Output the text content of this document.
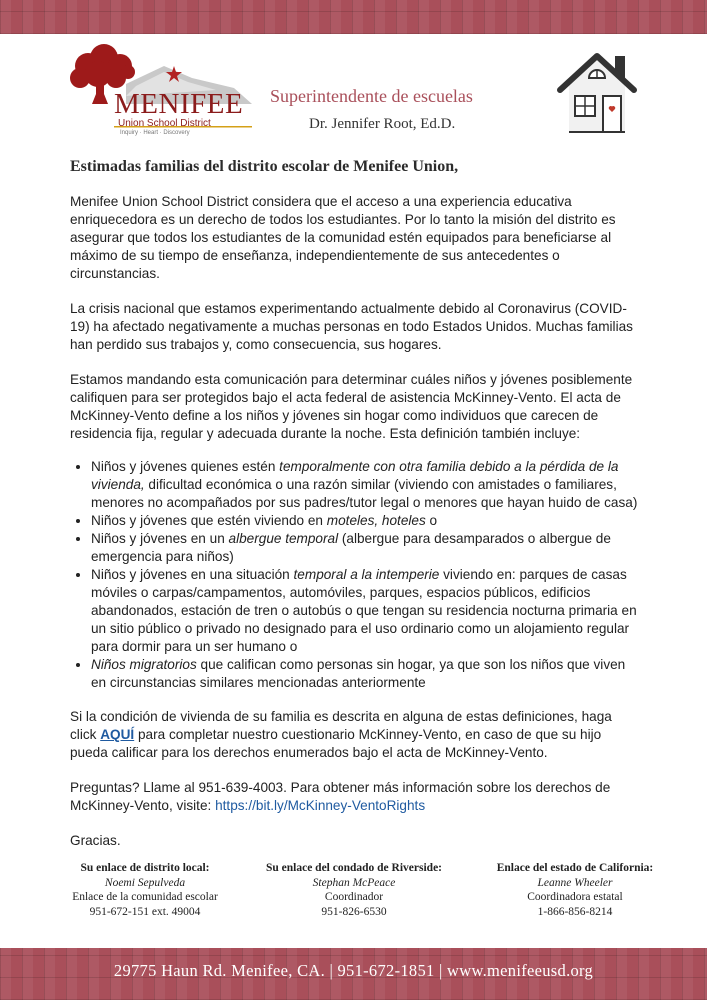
MENIFEE
Union School District
Inquiry · Heart · Discovery
Superintendente de escuelas
Dr. Jennifer Root, Ed.D.
Estimadas familias del distrito escolar de Menifee Union,

Menifee Union School District considera que el acceso a una experiencia educativa enriquecedora es un derecho de todos los estudiantes. Por lo tanto la misión del distrito es asegurar que todos los estudiantes de la comunidad estén equipados para beneficiarse al máximo de su tiempo de enseñanza, independientemente de sus antecedentes o circunstancias.

La crisis nacional que estamos experimentando actualmente debido al Coronavirus (COVID-19) ha afectado negativamente a muchas personas en todo Estados Unidos. Muchas familias han perdido sus trabajos y, como consecuencia, sus hogares.

Estamos mandando esta comunicación para determinar cuáles niños y jóvenes posiblemente califiquen para ser protegidos bajo el acta federal de asistencia McKinney-Vento. El acta de McKinney-Vento define a los niños y jóvenes sin hogar como individuos que carecen de residencia fija, regular y adecuada durante la noche. Esta definición también incluye:

• Niños y jóvenes quienes estén temporalmente con otra familia debido a la pérdida de la vivienda, dificultad económica o una razón similar (viviendo con amistades o familiares, menores no acompañados por sus padres/tutor legal o menores que hayan huido de casa)
• Niños y jóvenes que estén viviendo en moteles, hoteles o
• Niños y jóvenes en un albergue temporal (albergue para desamparados o albergue de emergencia para niños)
• Niños y jóvenes en una situación temporal a la intemperie viviendo en: parques de casas móviles o carpas/campamentos, automóviles, parques, espacios públicos, edificios abandonados, estación de tren o autobús o que tengan su residencia nocturna primaria en un sitio público o privado no designado para el uso ordinario como un alojamiento regular para dormir para un ser humano o
• Niños migratorios que califican como personas sin hogar, ya que son los niños que viven en circunstancias similares mencionadas anteriormente

Si la condición de vivienda de su familia es descrita en alguna de estas definiciones, haga click AQUÍ para completar nuestro cuestionario McKinney-Vento, en caso de que su hijo pueda calificar para los derechos enumerados bajo el acta de McKinney-Vento.

Preguntas? Llame al 951-639-4003. Para obtener más información sobre los derechos de McKinney-Vento, visite: https://bit.ly/McKinney-VentoRights

Gracias.

Su enlace de distrito local:
Noemi Sepulveda
Enlace de la comunidad escolar
951-672-151 ext. 49004
Su enlace del condado de Riverside:
Stephan McPeace
Coordinador
951-826-6530
Enlace del estado de California:
Leanne Wheeler
Coordinadora estatal
1-866-856-8214
29775 Haun Rd. Menifee, CA. | 951-672-1851 | www.menifeeusd.org
